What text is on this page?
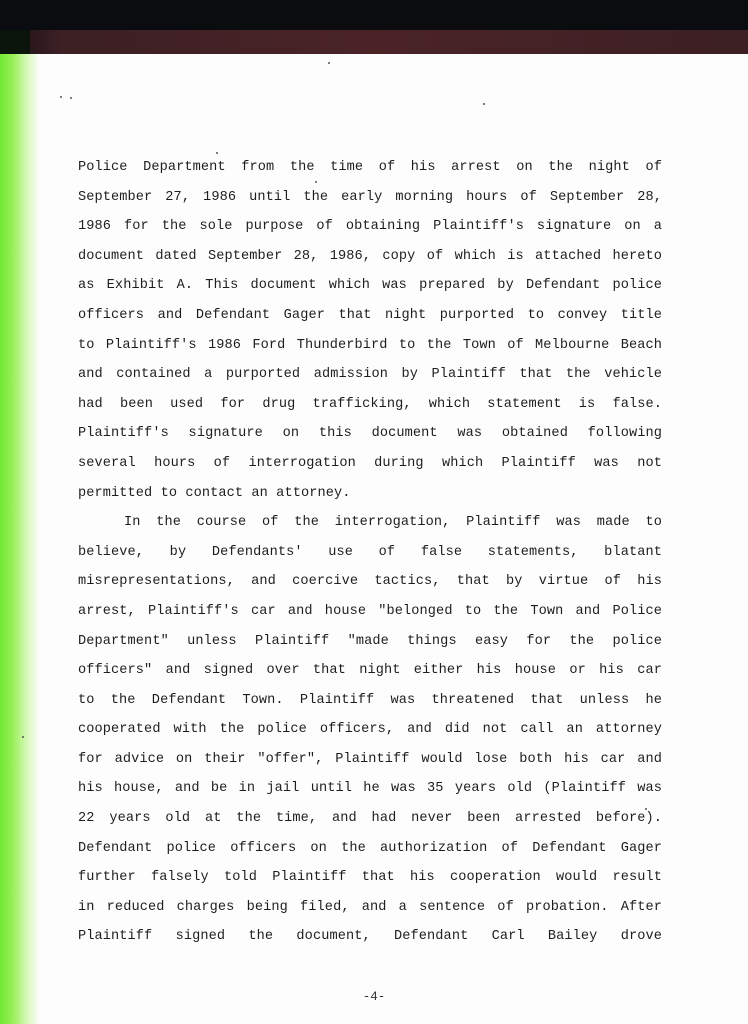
Police Department from the time of his arrest on the night of
September 27, 1986 until the early morning hours of September 28,
1986 for the sole purpose of obtaining Plaintiff's signature on a
document dated September 28, 1986, copy of which is attached hereto
as Exhibit A. This document which was prepared by Defendant police
officers and Defendant Gager that night purported to convey title
to Plaintiff's 1986 Ford Thunderbird to the Town of Melbourne Beach
and contained a purported admission by Plaintiff that the vehicle
had been used for drug trafficking, which statement is false.
Plaintiff's signature on this document was obtained following
several hours of interrogation during which Plaintiff was not
permitted to contact an attorney.
In the course of the interrogation, Plaintiff was made to
believe, by Defendants' use of false statements, blatant
misrepresentations, and coercive tactics, that by virtue of his
arrest, Plaintiff's car and house "belonged to the Town and Police
Department" unless Plaintiff "made things easy for the police
officers" and signed over that night either his house or his car
to the Defendant Town. Plaintiff was threatened that unless he
cooperated with the police officers, and did not call an attorney
for advice on their "offer", Plaintiff would lose both his car and
his house, and be in jail until he was 35 years old (Plaintiff was
22 years old at the time, and had never been arrested before).
Defendant police officers on the authorization of Defendant Gager
further falsely told Plaintiff that his cooperation would result
in reduced charges being filed, and a sentence of probation. After
Plaintiff signed the document, Defendant Carl Bailey drove
-4-
